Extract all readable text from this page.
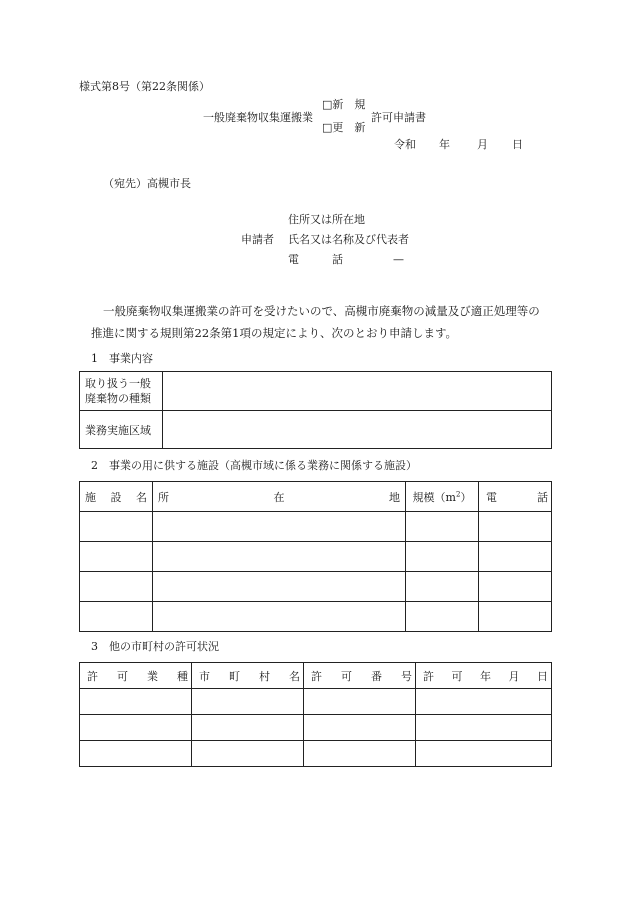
様式第8号（第22条関係）
一般廃棄物収集運搬業
□新　規
□更　新
許可申請書
令和 年 月 日
（宛先）高槻市長
住所又は所在地
申請者 氏名又は名称及び代表者
電　　　話	—
一般廃棄物収集運搬業の許可を受けたいので、高槻市廃棄物の減量及び適正処理等の
推進に関する規則第22条第1項の規定により、次のとおり申請します。
1　事業内容
取り扱う一般
廃棄物の種類	

業務実施区域	
2　事業の用に供する施設（高槻市域に係る業務に関係する施設）
施 設 名	所 在 地	規模$(m^2)$	電 話

3　他の市町村の許可状況
許 可 業 種	市 町 村 名	許 可 番 号	許 可 年 月 日
